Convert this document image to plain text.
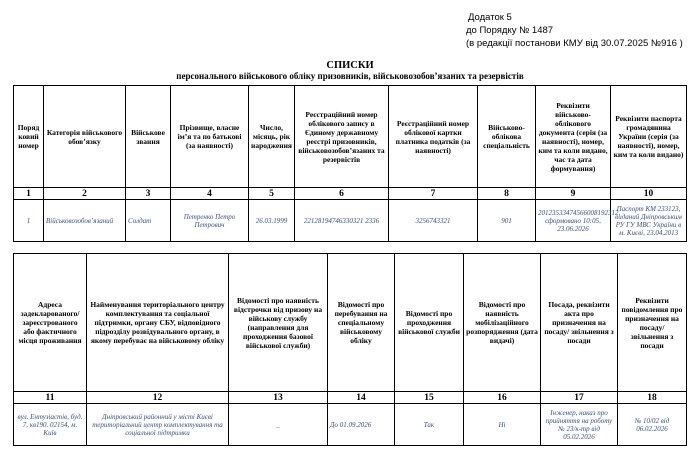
Додаток 5
до Порядку № 1487
(в редакції постанови КМУ від 30.07.2025 №916 )
СПИСКИ
персонального військового обліку призовників, військовозобов’язаних та резервістів
Поряд ковий номер	Категорія військового обов’язку	Військове звання	Прізвище, власне ім’я та по батькові (за наявності)	Число, місяць, рік народження	Реєстраційний номер облікового запису в Єдиному державному реєстрі призовників, військовозобов’язаних та резервістів	Реєстраційний номер облікової картки платника податків (за наявності)	Військово-облікова спеціальність	Реквізити військово-облікового документа (серія (за наявності), номер, ким та коли видано, час та дата формування)	Реквізити паспорта громадянина України (серія (за наявності), номер, ким та коли видано)
1	2	3	4	5	6	7	8	9	10
1	Військовозобов’язаний	Солдат	Петренко Петро Петрович	26.03.1999	22128194746330321 2336	3256743321	901	20123533474566008192312, сформовано 10:05, 23.06.2026	Паспорт КМ 233123, виданий Дніпровським РУ ГУ МВС України в м. Києві, 23.04.2013
Адреса задекларованого/ зареєстрованого або фактичного місця проживання	Найменування територіального центру комплектування та соціальної підтримки, органу СБУ, відповідного підрозділу розвідувального органу, в якому перебуває на військовому обліку	Відомості про наявність відстрочки від призову на військову службу (направлення для проходження базової військової служби)	Відомості про перебування на спеціальному військовому обліку	Відомості про проходження військової служби	Відомості про наявність мобілізаційного розпорядження (дата видачі)	Посада, реквізити акта про призначення на посаду/ звільнення з посади	Реквізити повідомлення про призначення на посаду/ звільнення з посади
11	12	13	14	15	16	17	18
вул. Ентузіастів, буд. 7, кв190. 02154, м. Київ	Дніпровський районний у місті Києві територіальний центр комплектування та соціальної підтримки	_	До 01.09.2026	Так	Ні	Інженер, наказ про прийняття на роботу № 23/к-тр від 05.02.2026	№ 10/02 від 06.02.2026
